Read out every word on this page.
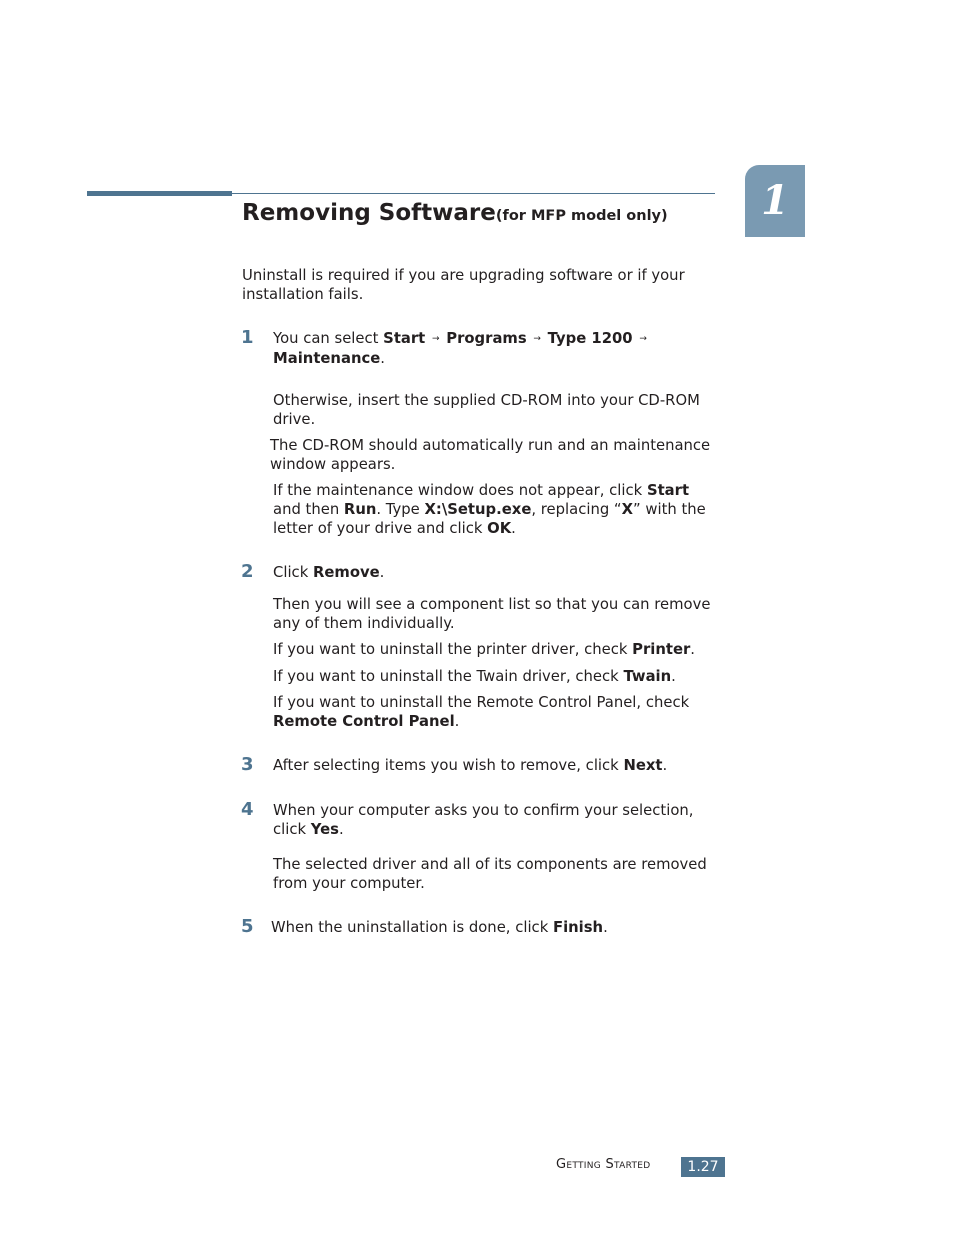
1
Removing Software(for MFP model only)

Uninstall is required if you are upgrading software or if your installation fails.

1 You can select Start → Programs → Type 1200 → Maintenance.

Otherwise, insert the supplied CD-ROM into your CD-ROM drive.

The CD-ROM should automatically run and an maintenance window appears.

If the maintenance window does not appear, click Start and then Run. Type X:\Setup.exe, replacing “X” with the letter of your drive and click OK.

2 Click Remove.

Then you will see a component list so that you can remove any of them individually.

If you want to uninstall the printer driver, check Printer.

If you want to uninstall the Twain driver, check Twain.

If you want to uninstall the Remote Control Panel, check Remote Control Panel.

3 After selecting items you wish to remove, click Next.

4 When your computer asks you to confirm your selection, click Yes.

The selected driver and all of its components are removed from your computer.

5 When the uninstallation is done, click Finish.

Getting Started	1.27
